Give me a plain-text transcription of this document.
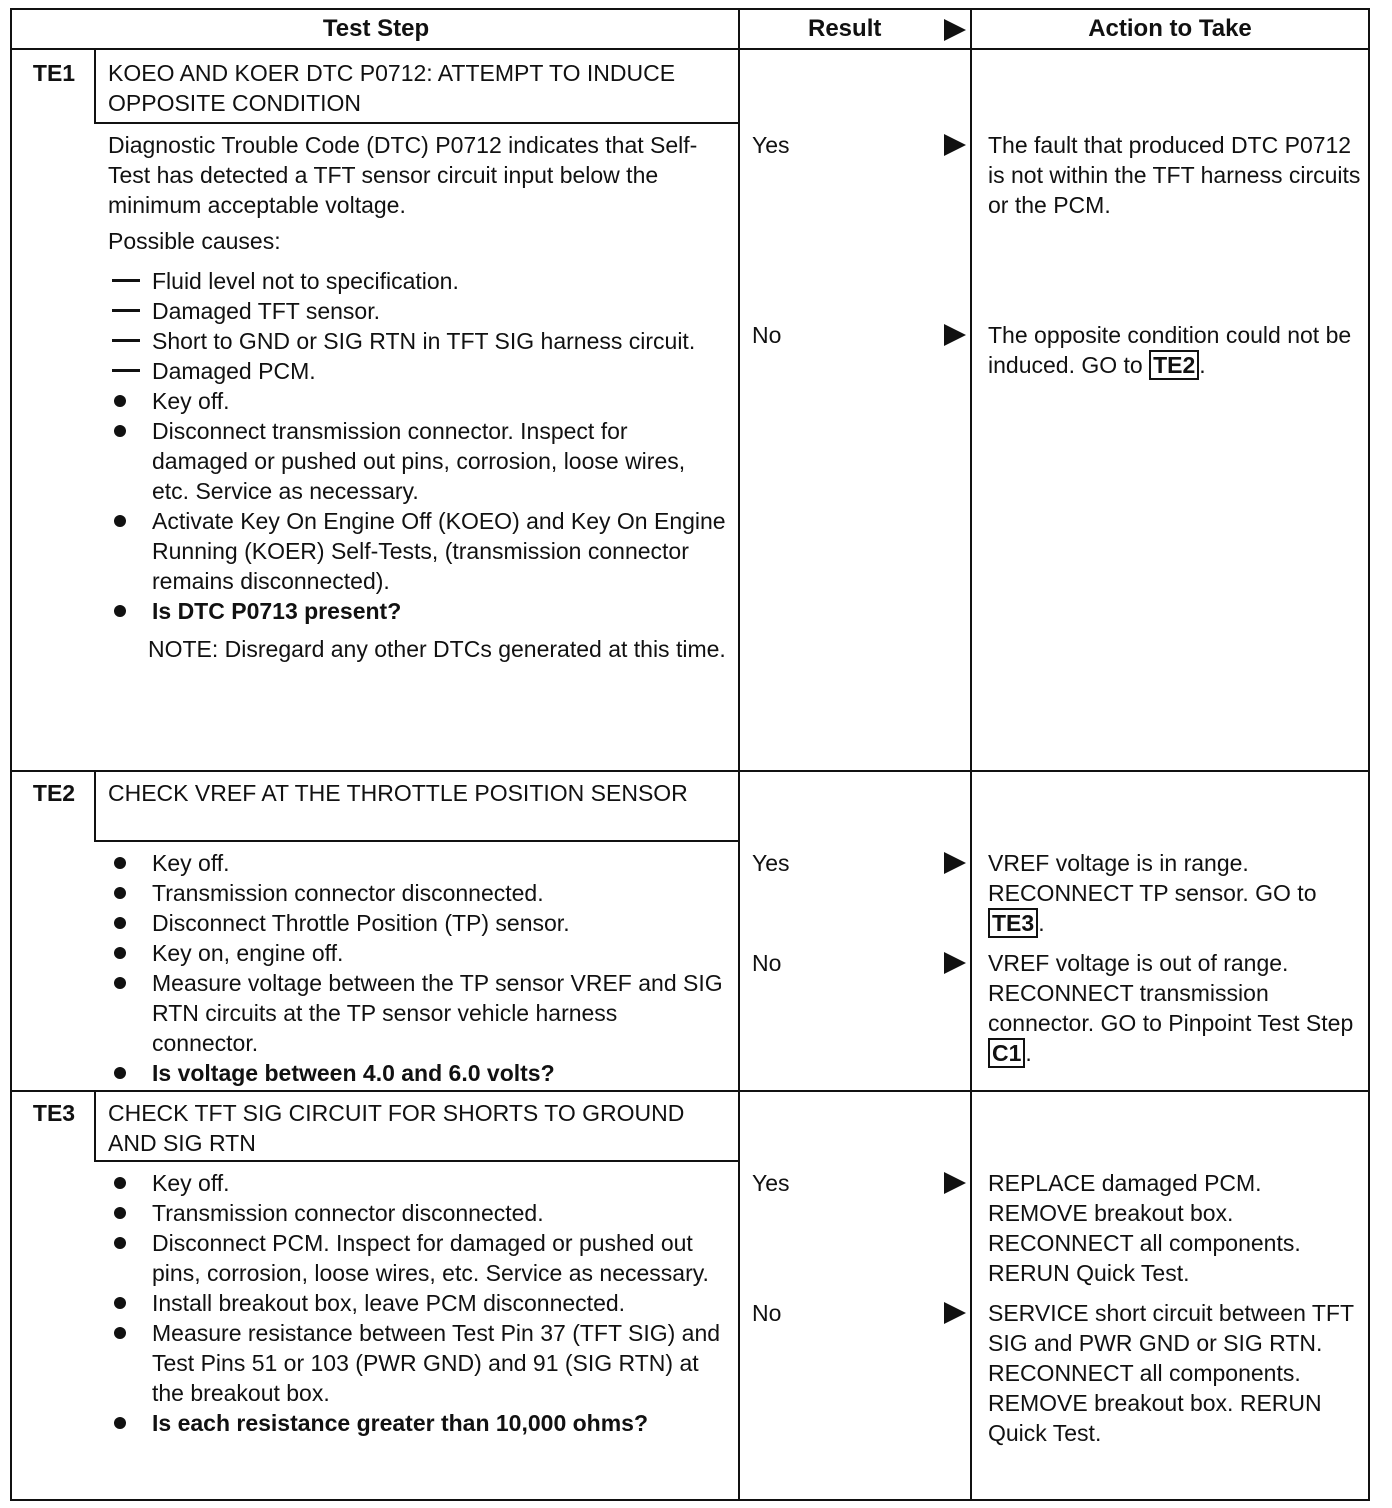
Test Step	Result	Action to Take
TE1	KOEO AND KOER DTC P0712: ATTEMPT TO INDUCE OPPOSITE CONDITION

Diagnostic Trouble Code (DTC) P0712 indicates that Self-Test has detected a TFT sensor circuit input below the minimum acceptable voltage.

Possible causes:

Fluid level not to specification.
Damaged TFT sensor.
Short to GND or SIG RTN in TFT SIG harness circuit.
Damaged PCM.
Key off.
Disconnect transmission connector. Inspect for damaged or pushed out pins, corrosion, loose wires, etc. Service as necessary.
Activate Key On Engine Off (KOEO) and Key On Engine Running (KOER) Self-Tests, (transmission connector remains disconnected).
Is DTC P0713 present?

NOTE: Disregard any other DTCs generated at this time.

Yes	The fault that produced DTC P0712 is not within the TFT harness circuits or the PCM.
No	The opposite condition could not be induced. GO to TE2 .
TE2	CHECK VREF AT THE THROTTLE POSITION SENSOR
Key off.
Transmission connector disconnected.
Disconnect Throttle Position (TP) sensor.
Key on, engine off.
Measure voltage between the TP sensor VREF and SIG RTN circuits at the TP sensor vehicle harness connector.
Is voltage between 4.0 and 6.0 volts?
Yes	VREF voltage is in range. RECONNECT TP sensor. GO to TE3 .
No	VREF voltage is out of range. RECONNECT transmission connector. GO to Pinpoint Test Step C1 .
TE3	CHECK TFT SIG CIRCUIT FOR SHORTS TO GROUND AND SIG RTN
Key off.
Transmission connector disconnected.
Disconnect PCM. Inspect for damaged or pushed out pins, corrosion, loose wires, etc. Service as necessary.
Install breakout box, leave PCM disconnected.
Measure resistance between Test Pin 37 (TFT SIG) and Test Pins 51 or 103 (PWR GND) and 91 (SIG RTN) at the breakout box.
Is each resistance greater than 10,000 ohms?
Yes	REPLACE damaged PCM. REMOVE breakout box. RECONNECT all components. RERUN Quick Test.
No	SERVICE short circuit between TFT SIG and PWR GND or SIG RTN. RECONNECT all components. REMOVE breakout box. RERUN Quick Test.
